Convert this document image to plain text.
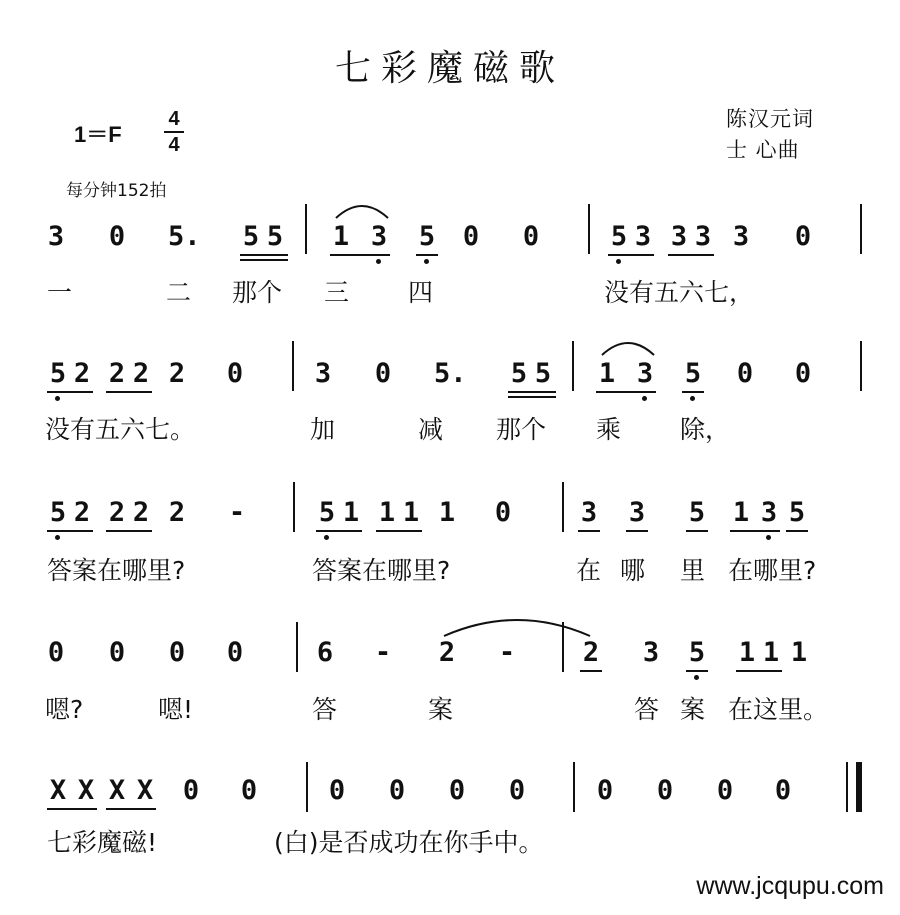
七彩魔磁歌
1＝F
4
4
每分钟152拍
陈汉元词
士 心曲
3 0 5. 5 5 1 3 5 0 0	5 3 3 3 3 0
一	二 那个 三 四	没有五六七，
5 2 2 2 2 0	3 0 5. 5 5 1 3 5 0 0
没有五六七。	加	减 那个 乘 除，
5 2 2 2 2 -	5 1 1 1 1 0	3 3 5 1 3 5
答案在哪里?	答案在哪里?	在 哪 里 在哪里?
0 0 0 0	6 - 2 -	2 3 5 1 1 1
嗯?	嗯!	答	案	答 案 在这里。
X X X X 0 0	0 0 0 0	0 0 0 0
七彩魔磁!	(白)是否成功在你手中。
www.jcqupu.com
